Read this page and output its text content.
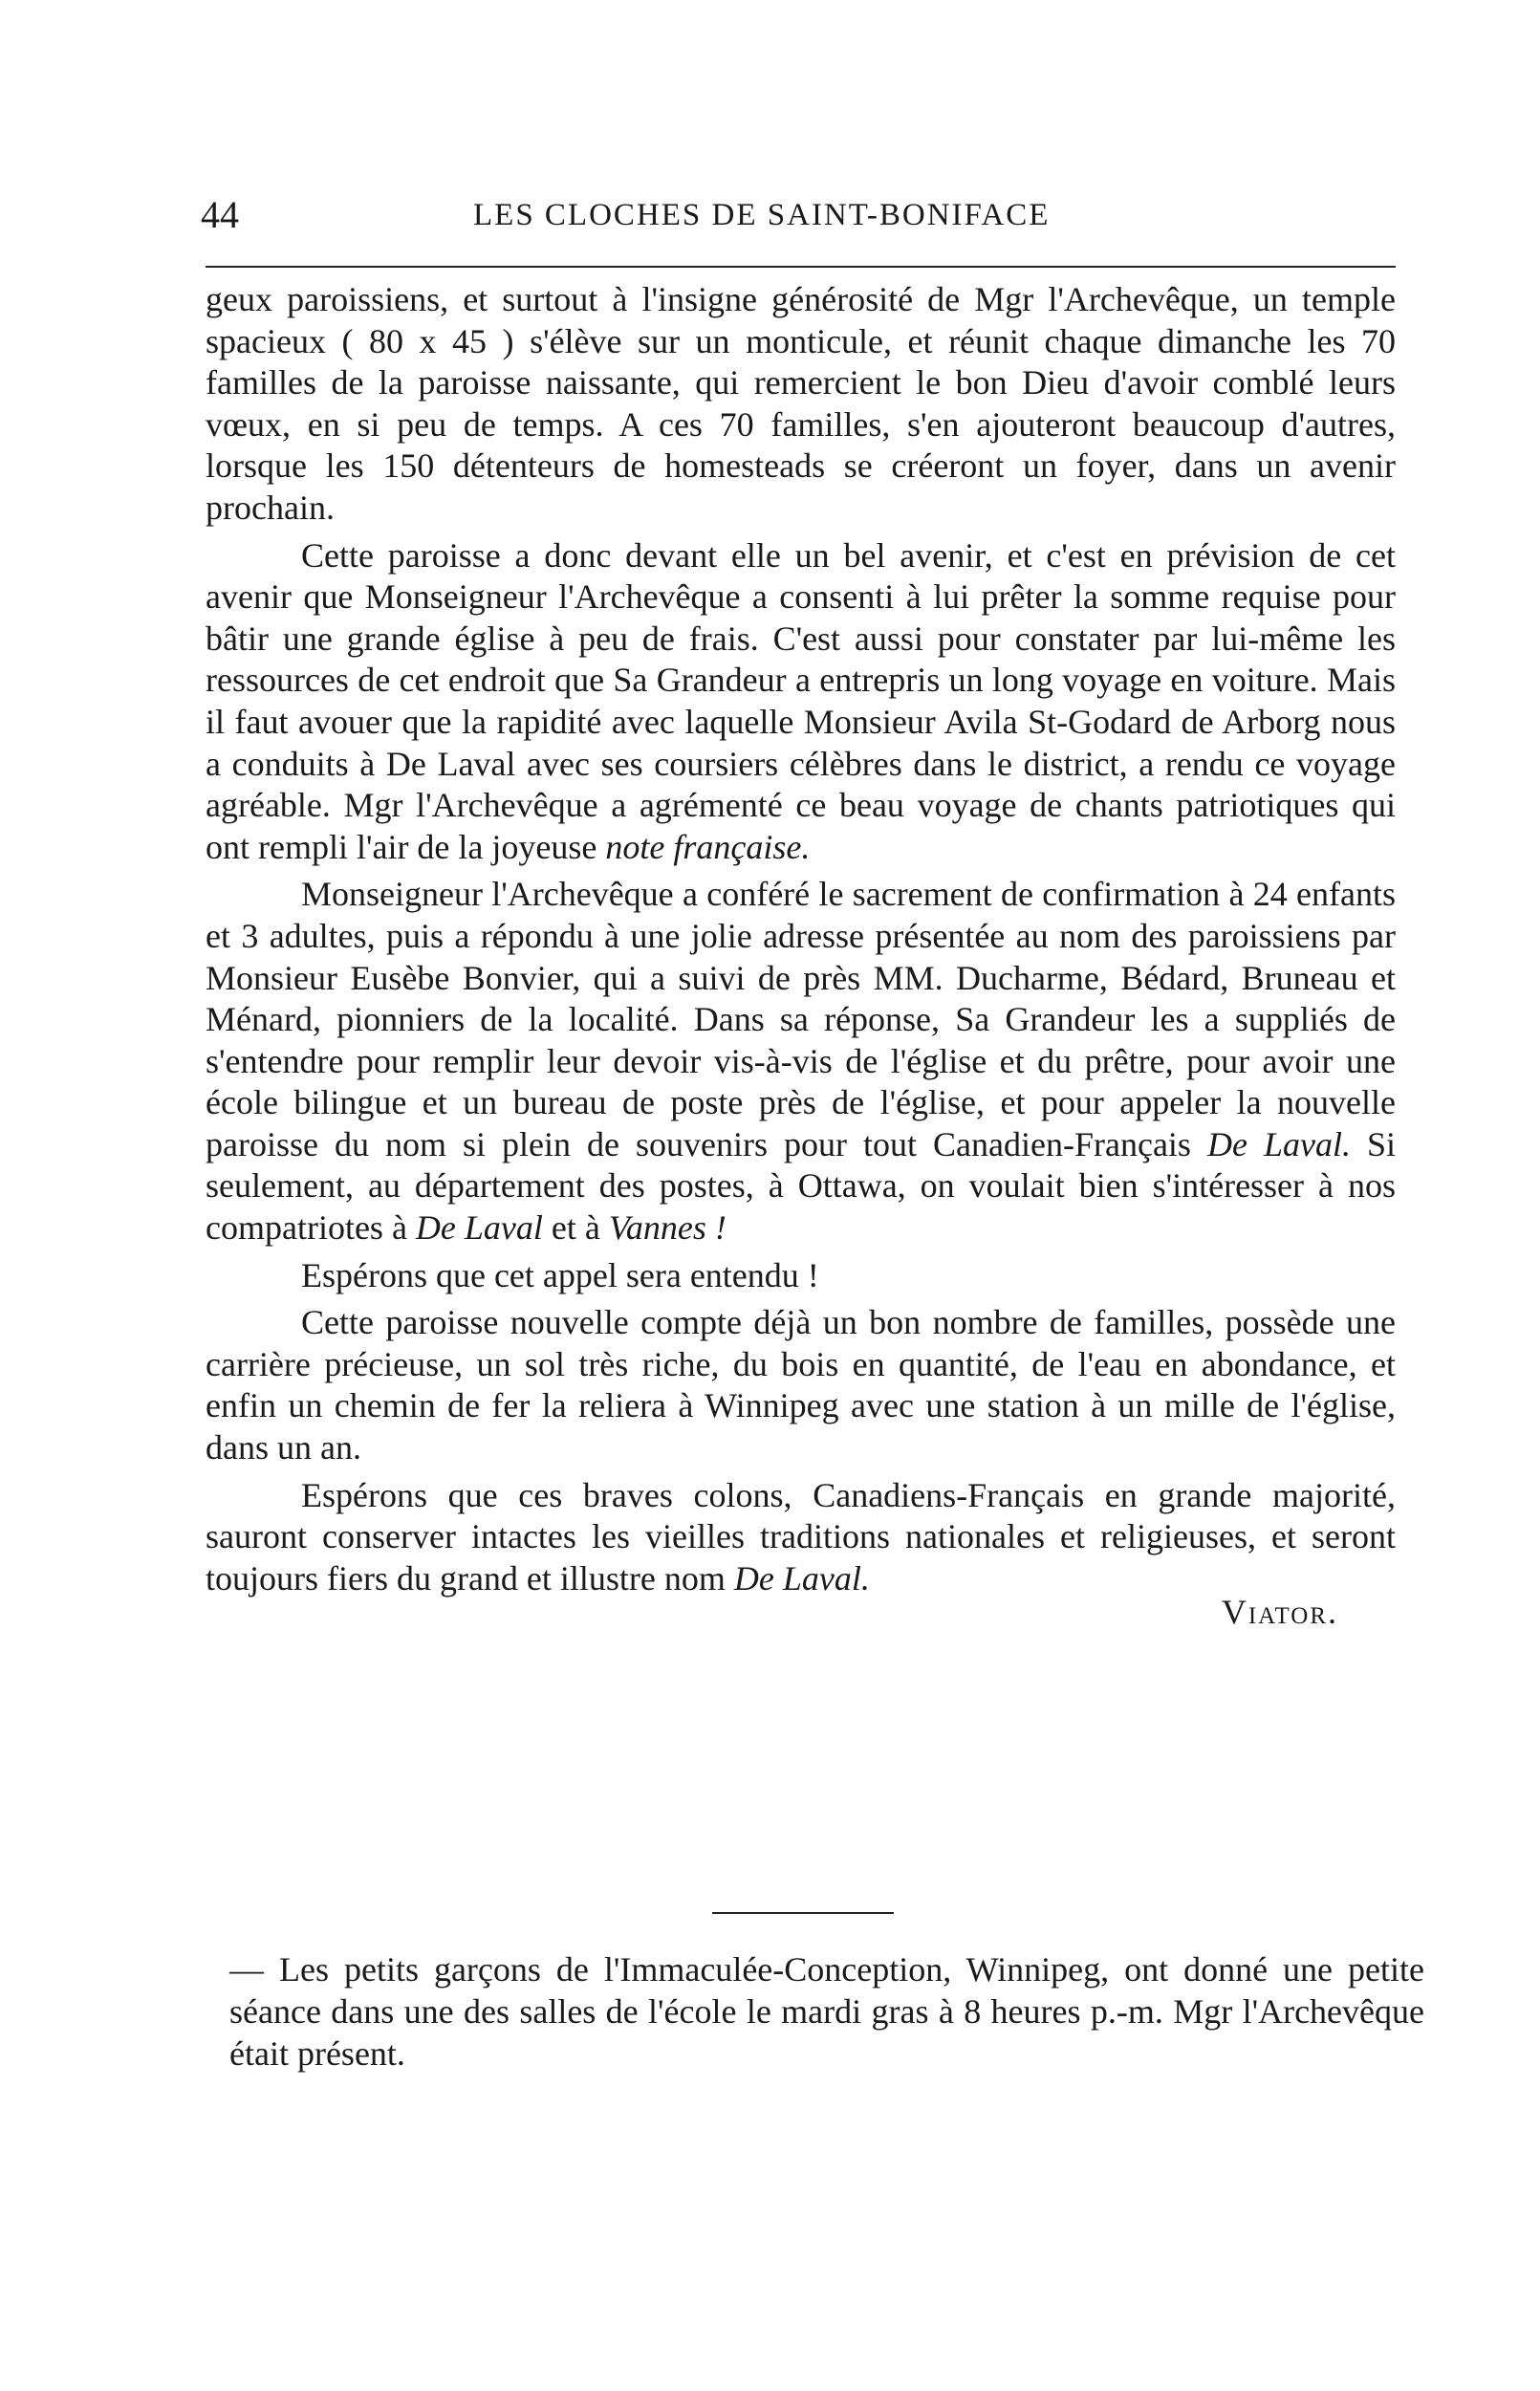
44	LES CLOCHES DE SAINT-BONIFACE

geux paroissiens, et surtout à l'insigne générosité de Mgr l'Archevêque, un temple spacieux ( 80 x 45 ) s'élève sur un monticule, et réunit chaque dimanche les 70 familles de la paroisse naissante, qui remercient le bon Dieu d'avoir comblé leurs vœux, en si peu de temps. A ces 70 familles, s'en ajouteront beaucoup d'autres, lorsque les 150 détenteurs de homesteads se créeront un foyer, dans un avenir prochain.

Cette paroisse a donc devant elle un bel avenir, et c'est en prévision de cet avenir que Monseigneur l'Archevêque a consenti à lui prêter la somme requise pour bâtir une grande église à peu de frais. C'est aussi pour constater par lui-même les ressources de cet endroit que Sa Grandeur a entrepris un long voyage en voiture. Mais il faut avouer que la rapidité avec laquelle Monsieur Avila St-Godard de Arborg nous a conduits à De Laval avec ses coursiers célèbres dans le district, a rendu ce voyage agréable. Mgr l'Archevêque a agrémenté ce beau voyage de chants patriotiques qui ont rempli l'air de la joyeuse note française.

Monseigneur l'Archevêque a conféré le sacrement de confirmation à 24 enfants et 3 adultes, puis a répondu à une jolie adresse présentée au nom des paroissiens par Monsieur Eusèbe Bonvier, qui a suivi de près MM. Ducharme, Bédard, Bruneau et Ménard, pionniers de la localité. Dans sa réponse, Sa Grandeur les a suppliés de s'entendre pour remplir leur devoir vis-à-vis de l'église et du prêtre, pour avoir une école bilingue et un bureau de poste près de l'église, et pour appeler la nouvelle paroisse du nom si plein de souvenirs pour tout Canadien-Français De Laval. Si seulement, au département des postes, à Ottawa, on voulait bien s'intéresser à nos compatriotes à De Laval et à Vannes !

Espérons que cet appel sera entendu !

Cette paroisse nouvelle compte déjà un bon nombre de familles, possède une carrière précieuse, un sol très riche, du bois en quantité, de l'eau en abondance, et enfin un chemin de fer la reliera à Winnipeg avec une station à un mille de l'église, dans un an.

Espérons que ces braves colons, Canadiens-Français en grande majorité, sauront conserver intactes les vieilles traditions nationales et religieuses, et seront toujours fiers du grand et illustre nom De Laval.

Viator.

— Les petits garçons de l'Immaculée-Conception, Winnipeg, ont donné une petite séance dans une des salles de l'école le mardi gras à 8 heures p.-m. Mgr l'Archevêque était présent.
